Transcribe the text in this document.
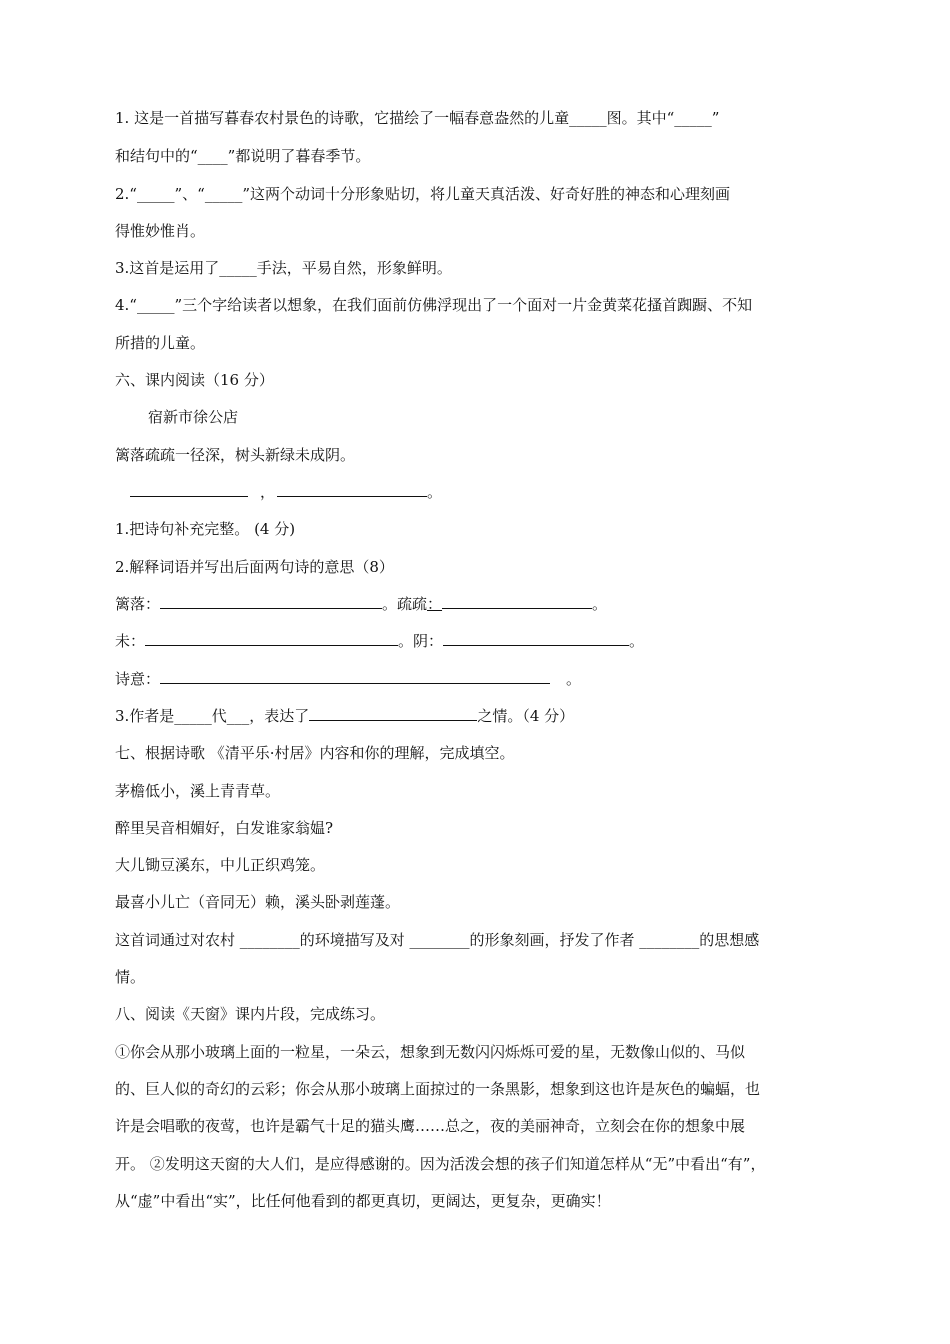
1. 这是一首描写暮春农村景色的诗歌，它描绘了一幅春意盎然的儿童_____图。其中“_____”
和结句中的“____”都说明了暮春季节。
2.“_____”、“_____”这两个动词十分形象贴切，将儿童天真活泼、好奇好胜的神态和心理刻画
得惟妙惟肖。
3.这首是运用了_____手法，平易自然，形象鲜明。
4.“_____”三个字给读者以想象，在我们面前仿佛浮现出了一个面对一片金黄菜花搔首踟蹰、不知
所措的儿童。
六、课内阅读（16 分）
宿新市徐公店
篱落疏疏一径深，树头新绿未成阴。
，	。
1.把诗句补充完整。 (4 分)
2.解释词语并写出后面两句诗的意思（8）
篱落：	。疏疏：	。
未：	。阴：	。
诗意：	。
3.作者是_____代___，表达了	之情。（4 分）
七、根据诗歌 《清平乐·村居》内容和你的理解，完成填空。
茅檐低小，溪上青青草。
醉里吴音相媚好，白发谁家翁媪?
大儿锄豆溪东，中儿正织鸡笼。
最喜小儿亡（音同无）赖，溪头卧剥莲蓬。
这首词通过对农村 ________的环境描写及对 ________的形象刻画，抒发了作者 ________的思想感
情。
八、阅读《天窗》课内片段，完成练习。
①你会从那小玻璃上面的一粒星，一朵云，想象到无数闪闪烁烁可爱的星，无数像山似的、马似
的、巨人似的奇幻的云彩；你会从那小玻璃上面掠过的一条黑影，想象到这也许是灰色的蝙蝠，也
许是会唱歌的夜莺，也许是霸气十足的猫头鹰……总之，夜的美丽神奇，立刻会在你的想象中展
开。 ②发明这天窗的大人们，是应得感谢的。因为活泼会想的孩子们知道怎样从“无”中看出“有”，
从“虚”中看出“实”，比任何他看到的都更真切，更阔达，更复杂，更确实！
